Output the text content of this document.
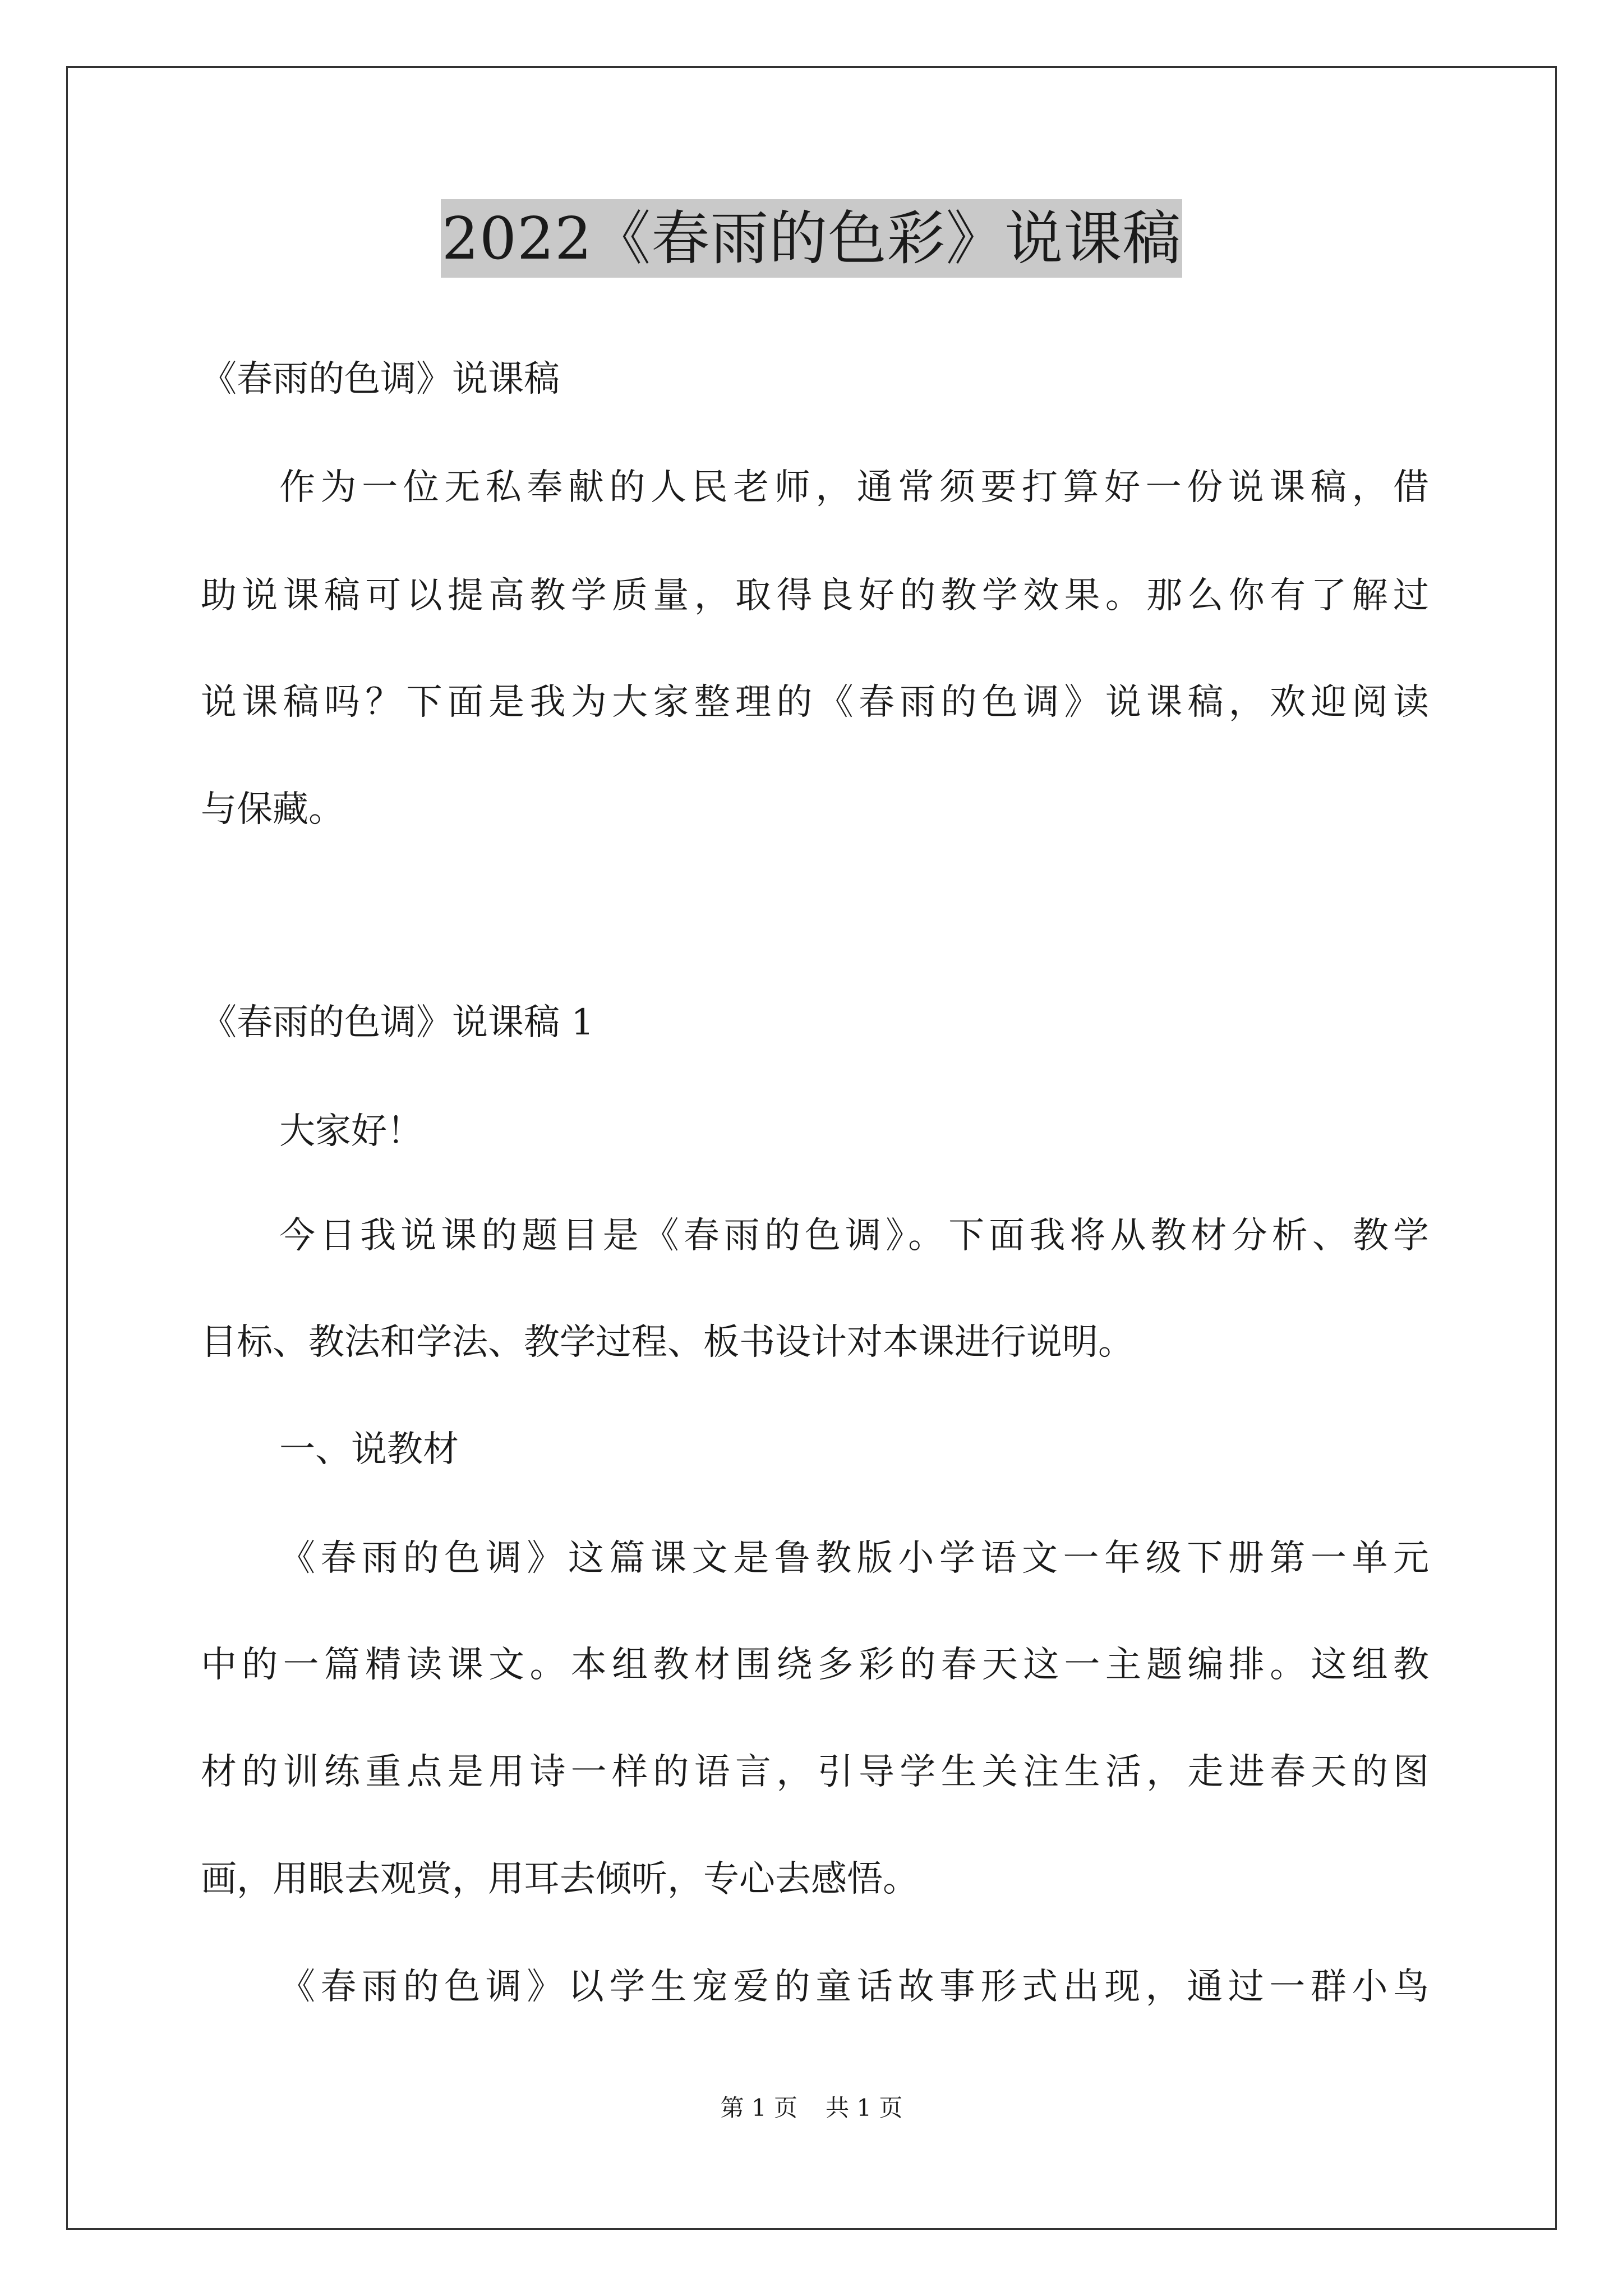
2022《春雨的色彩》说课稿
《春雨的色调》说课稿
作为一位无私奉献的人民老师，通常须要打算好一份说课稿，借
助说课稿可以提高教学质量，取得良好的教学效果。那么你有了解过
说课稿吗？下面是我为大家整理的《春雨的色调》说课稿，欢迎阅读
与保藏。
《春雨的色调》说课稿 1
大家好！
今日我说课的题目是《春雨的色调》。下面我将从教材分析、教学
目标、教法和学法、教学过程、板书设计对本课进行说明。
一、说教材
《春雨的色调》这篇课文是鲁教版小学语文一年级下册第一单元
中的一篇精读课文。本组教材围绕多彩的春天这一主题编排。这组教
材的训练重点是用诗一样的语言，引导学生关注生活，走进春天的图
画，用眼去观赏，用耳去倾听，专心去感悟。
《春雨的色调》以学生宠爱的童话故事形式出现，通过一群小鸟
第 1 页 共 1 页
